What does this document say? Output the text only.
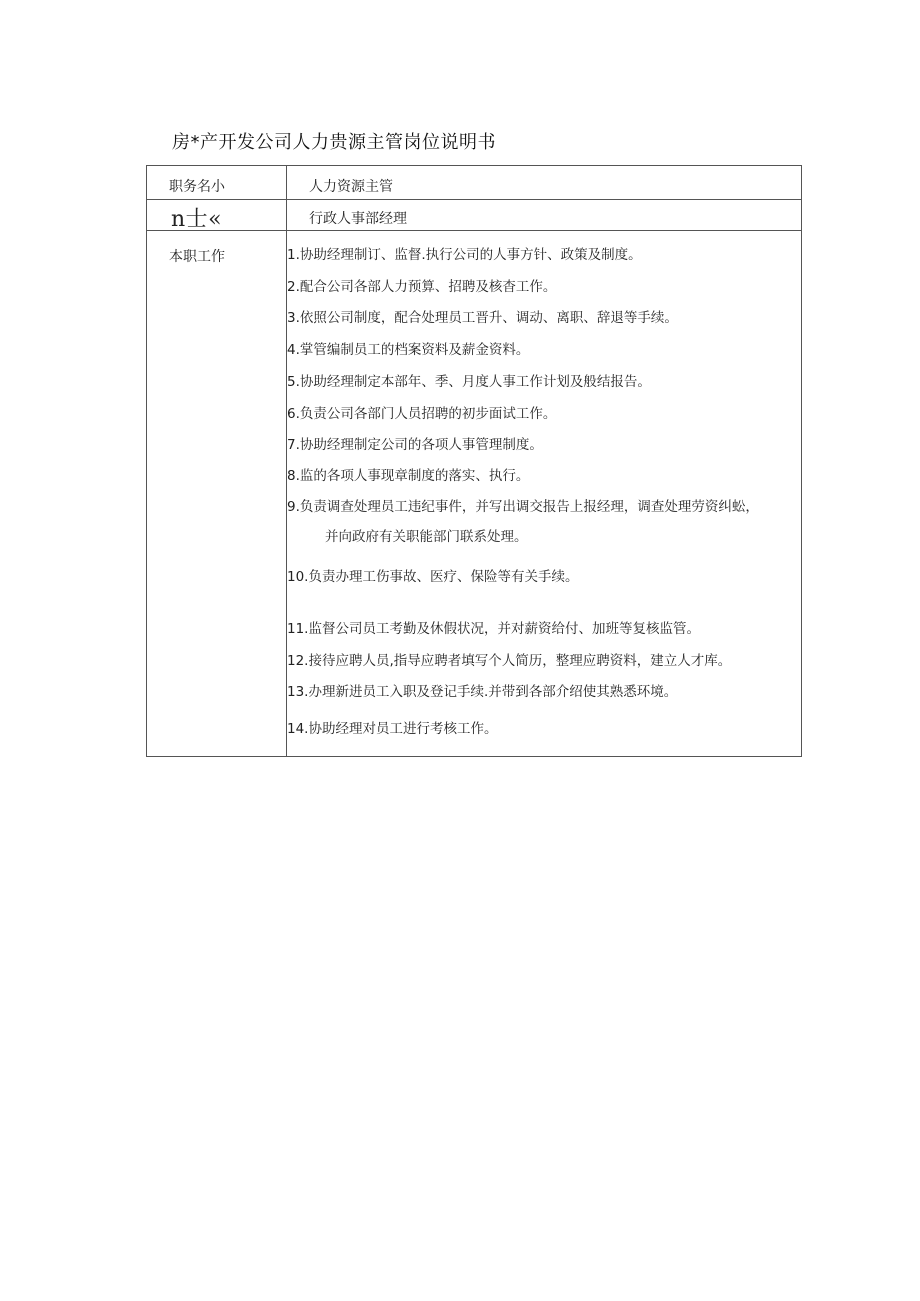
房*产开发公司人力贵源主管岗位说明书
职务名小	人力资源主管
n士«	行政人事部经理
本职工作	1.协助经理制订、监督.执行公司的人事方针、政策及制度。
2.配合公司各部人力预算、招聘及核杳工作。
3.依照公司制度，配合处理员工晋升、调动、离职、辞退等手续。
4.掌管编制员工的档案资料及薪金资料。
5.协助经理制定本部年、季、月度人事工作计划及般结报告。
6.负责公司各部门人员招聘的初步面试工作。
7.协助经理制定公司的各项人事管理制度。
8.监的各项人事现章制度的落实、执行。
9.负责调查处理员工违纪事件，并写出调交报告上报经理，调查处理劳资纠蚣，
并向政府有关职能部门联系处理。
10.负责办理工伤事故、医疗、保险等有关手续。
11.监督公司员工考勤及休假状况，并对薪资给付、加班等复核监管。
12.接待应聘人员,指导应聘者填写个人简历，整理应聘资料，建立人才库。
13.办理新进员工入职及登记手续.并带到各部介绍使其熟悉环境。
14.协助经理对员工进行考核工作。
